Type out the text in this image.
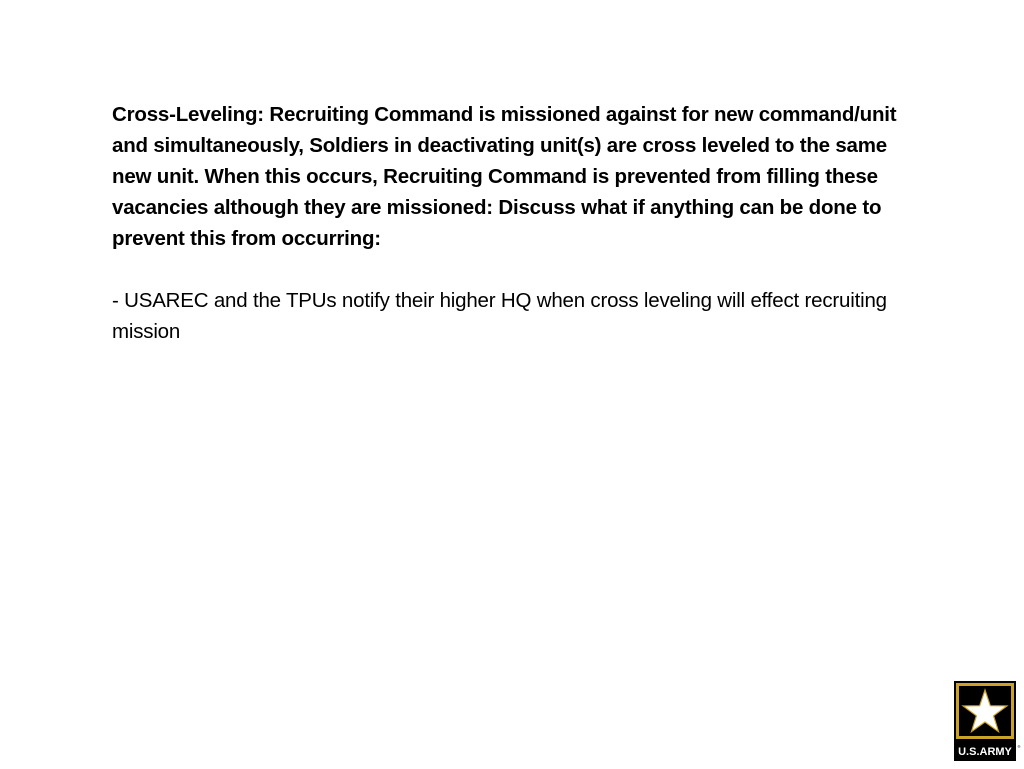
Cross-Leveling: Recruiting Command is missioned against for new command/unit and simultaneously, Soldiers in deactivating unit(s) are cross leveled to the same new unit. When this occurs, Recruiting Command is prevented from filling these vacancies although they are missioned: Discuss what if anything can be done to prevent this from occurring:

- USAREC and the TPUs notify their higher HQ when cross leveling will effect recruiting mission

U.S.ARMY ®
